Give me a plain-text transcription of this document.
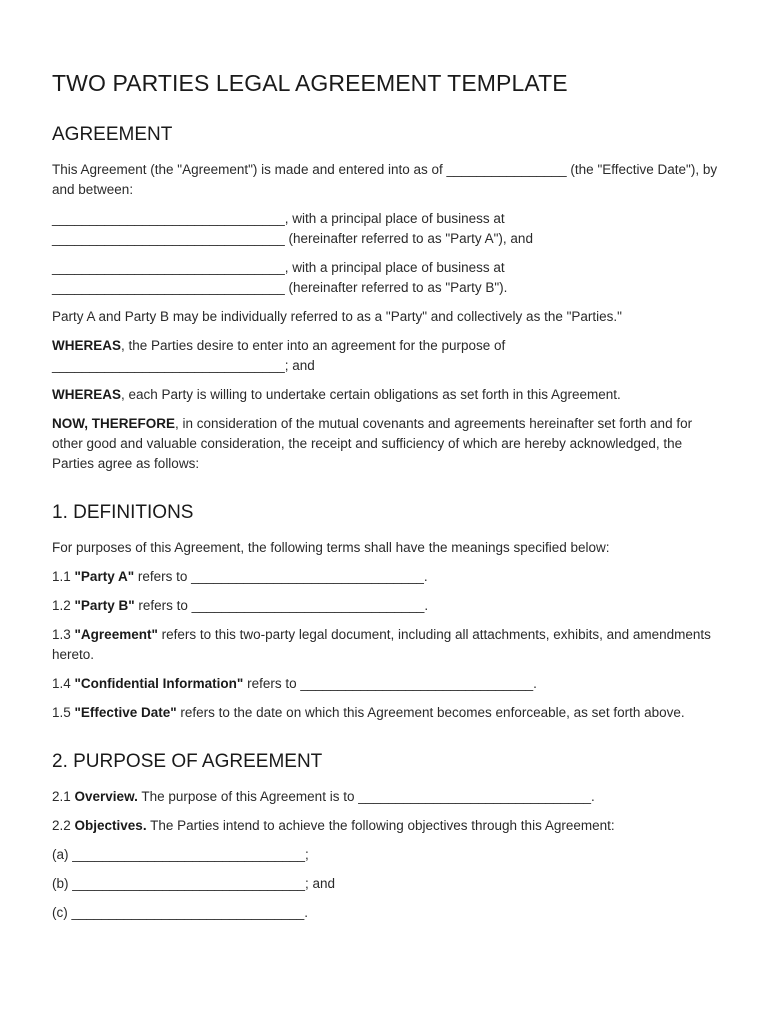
TWO PARTIES LEGAL AGREEMENT TEMPLATE
AGREEMENT

This Agreement (the "Agreement") is made and entered into as of ________________ (the "Effective Date"), by and between:

_______________________________, with a principal place of business at

_______________________________ (hereinafter referred to as "Party A"), and

_______________________________, with a principal place of business at

_______________________________ (hereinafter referred to as "Party B").

Party A and Party B may be individually referred to as a "Party" and collectively as the "Parties."

WHEREAS, the Parties desire to enter into an agreement for the purpose of _______________________________; and

WHEREAS, each Party is willing to undertake certain obligations as set forth in this Agreement.

NOW, THEREFORE, in consideration of the mutual covenants and agreements hereinafter set forth and for other good and valuable consideration, the receipt and sufficiency of which are hereby acknowledged, the Parties agree as follows:

1. DEFINITIONS

For purposes of this Agreement, the following terms shall have the meanings specified below:

1.1 "Party A" refers to _______________________________.

1.2 "Party B" refers to _______________________________.

1.3 "Agreement" refers to this two-party legal document, including all attachments, exhibits, and amendments hereto.

1.4 "Confidential Information" refers to _______________________________.

1.5 "Effective Date" refers to the date on which this Agreement becomes enforceable, as set forth above.

2. PURPOSE OF AGREEMENT

2.1 Overview. The purpose of this Agreement is to _______________________________.

2.2 Objectives. The Parties intend to achieve the following objectives through this Agreement:

(a) _______________________________;

(b) _______________________________; and

(c) _______________________________.
